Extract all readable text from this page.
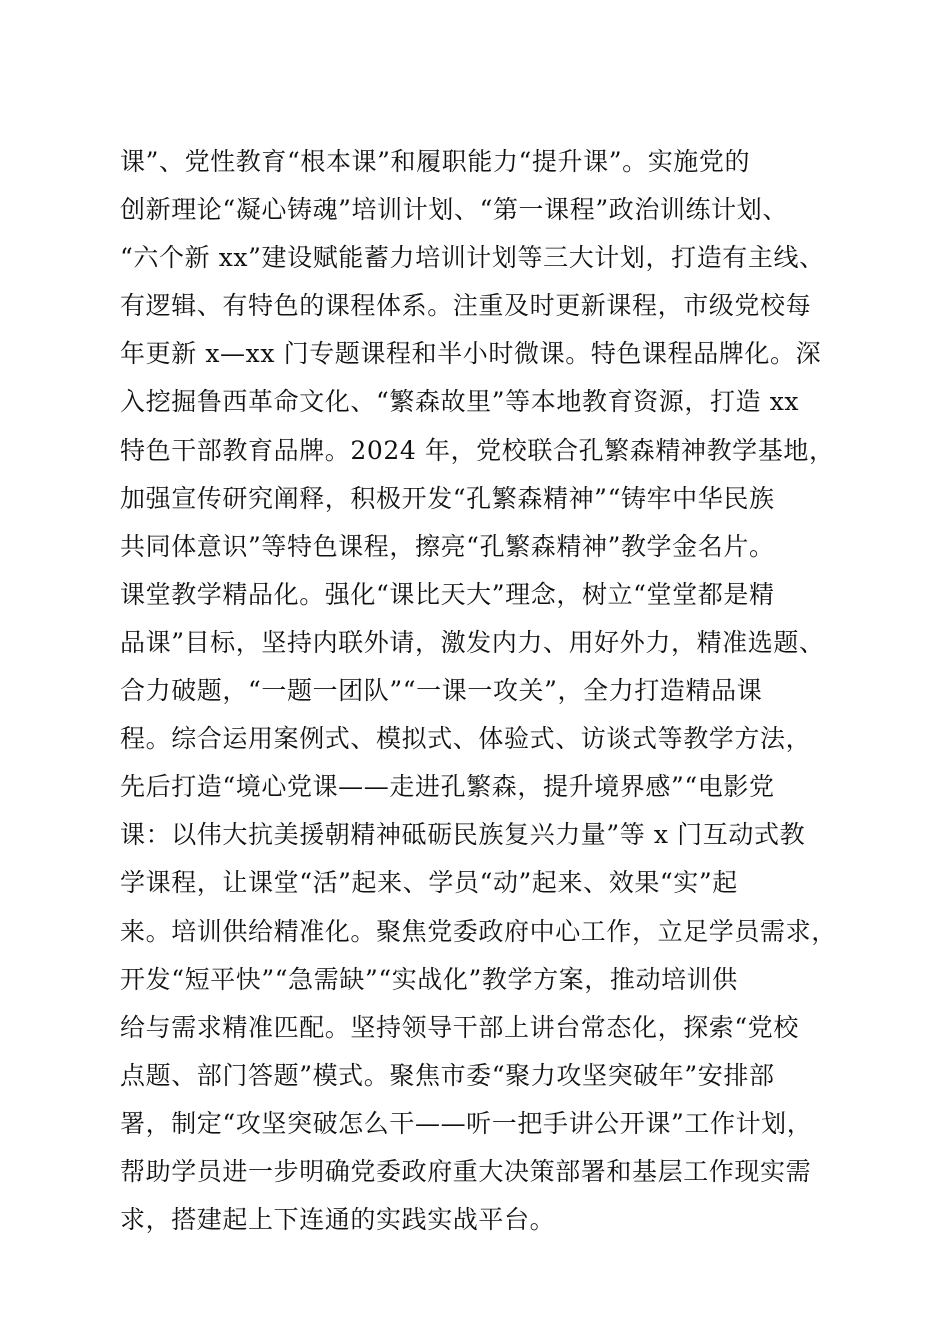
课”、党性教育“根本课”和履职能力“提升课”。实施党的
创新理论“凝心铸魂”培训计划、“第一课程”政治训练计划、
“六个新 xx”建设赋能蓄力培训计划等三大计划，打造有主线、
有逻辑、有特色的课程体系。注重及时更新课程，市级党校每
年更新 x—xx 门专题课程和半小时微课。特色课程品牌化。深
入挖掘鲁西革命文化、“繁森故里”等本地教育资源，打造 xx
特色干部教育品牌。2024 年，党校联合孔繁森精神教学基地，
加强宣传研究阐释，积极开发“孔繁森精神”“铸牢中华民族
共同体意识”等特色课程，擦亮“孔繁森精神”教学金名片。
课堂教学精品化。强化“课比天大”理念，树立“堂堂都是精
品课”目标，坚持内联外请，激发内力、用好外力，精准选题、
合力破题，“一题一团队”“一课一攻关”，全力打造精品课
程。综合运用案例式、模拟式、体验式、访谈式等教学方法，
先后打造“境心党课——走进孔繁森，提升境界感”“电影党
课：以伟大抗美援朝精神砥砺民族复兴力量”等 x 门互动式教
学课程，让课堂“活”起来、学员“动”起来、效果“实”起
来。培训供给精准化。聚焦党委政府中心工作，立足学员需求，
开发“短平快”“急需缺”“实战化”教学方案，推动培训供
给与需求精准匹配。坚持领导干部上讲台常态化，探索“党校
点题、部门答题”模式。聚焦市委“聚力攻坚突破年”安排部
署，制定“攻坚突破怎么干——听一把手讲公开课”工作计划，
帮助学员进一步明确党委政府重大决策部署和基层工作现实需
求，搭建起上下连通的实践实战平台。
